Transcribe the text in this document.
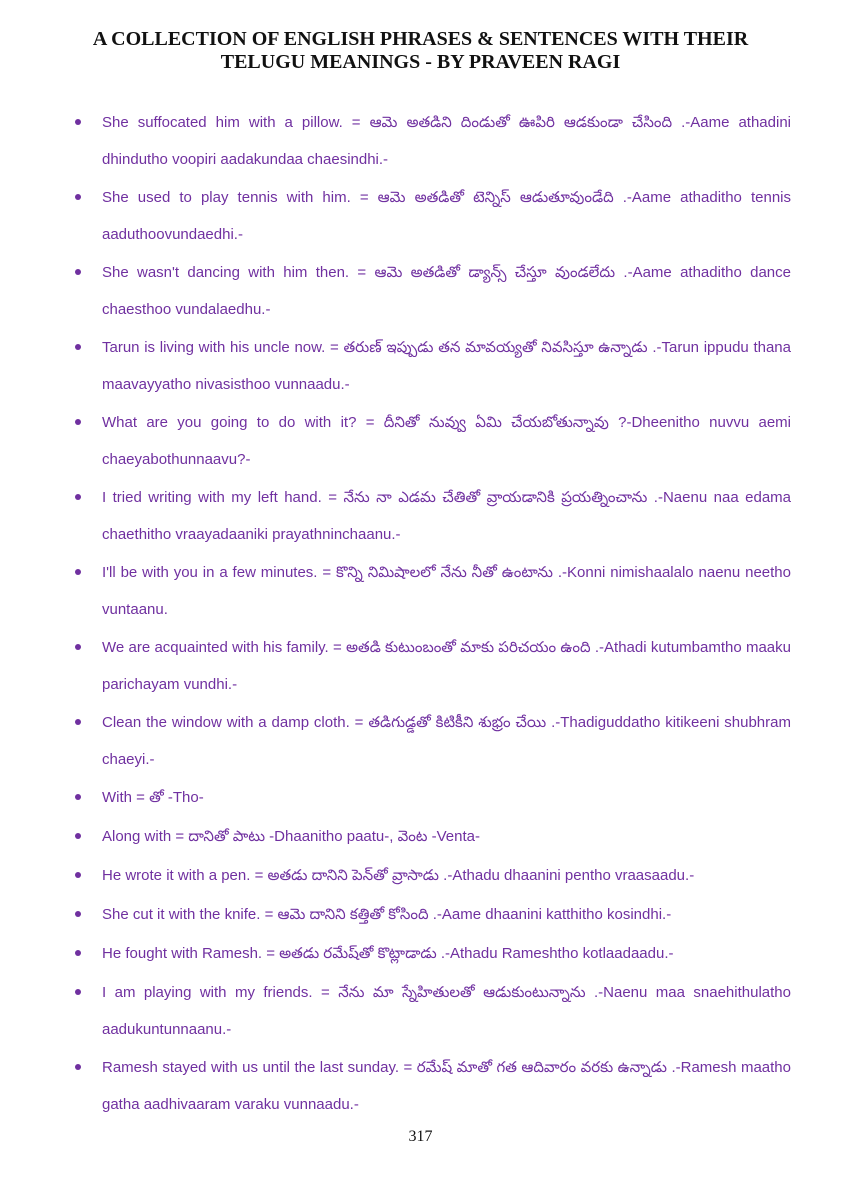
A COLLECTION OF ENGLISH PHRASES & SENTENCES WITH THEIR
TELUGU MEANINGS - BY PRAVEEN RAGI
She suffocated him with a pillow. = ఆమె అతడిని దిండుతో ఊపిరి ఆడకుండా చేసింది .-Aame athadini dhindutho voopiri aadakundaa chaesindhi.-
She used to play tennis with him. = ఆమె అతడితో టెన్నిస్ ఆడుతూవుండేది .-Aame athaditho tennis aaduthoovundaedhi.-
She wasn't dancing with him then. = ఆమె అతడితో డ్యాన్స్ చేస్తూ వుండలేదు .-Aame athaditho dance chaesthoo vundalaedhu.-
Tarun is living with his uncle now. = తరుణ్ ఇప్పుడు తన మావయ్యతో నివసిస్తూ ఉన్నాడు .-Tarun ippudu thana maavayyatho nivasisthoo vunnaadu.-
What are you going to do with it? = దీనితో నువ్వు ఏమి చేయబోతున్నావు ?-Dheenitho nuvvu aemi chaeyabothunnaavu?-
I tried writing with my left hand. = నేను నా ఎడమ చేతితో వ్రాయడానికి ప్రయత్నించాను .-Naenu naa edama chaethitho vraayadaaniki prayathninchaanu.-
I'll be with you in a few minutes. = కొన్ని నిమిషాలలో నేను నీతో ఉంటాను .-Konni nimishaalalo naenu neetho vuntaanu.
We are acquainted with his family. = అతడి కుటుంబంతో మాకు పరిచయం ఉంది .-Athadi kutumbamtho maaku parichayam vundhi.-
Clean the window with a damp cloth. = తడిగుడ్డతో కిటికీని శుభ్రం చేయి .-Thadiguddatho kitikeeni shubhram chaeyi.-
With = తో -Tho-
Along with = దానితో పాటు -Dhaanitho paatu-, వెంట -Venta-
He wrote it with a pen. = అతడు దానిని పెన్‌తో వ్రాసాడు .-Athadu dhaanini pentho vraasaadu.-
She cut it with the knife. = ఆమె దానిని కత్తితో కోసింది .-Aame dhaanini katthitho kosindhi.-
He fought with Ramesh. = అతడు రమేష్‌తో కొట్లాడాడు .-Athadu Rameshtho kotlaadaadu.-
I am playing with my friends. = నేను మా స్నేహితులతో ఆడుకుంటున్నాను .-Naenu maa snaehithulatho aadukuntunnaanu.-
Ramesh stayed with us until the last sunday. = రమేష్ మాతో గత ఆదివారం వరకు ఉన్నాడు .-Ramesh maatho gatha aadhivaaram varaku vunnaadu.-
317
